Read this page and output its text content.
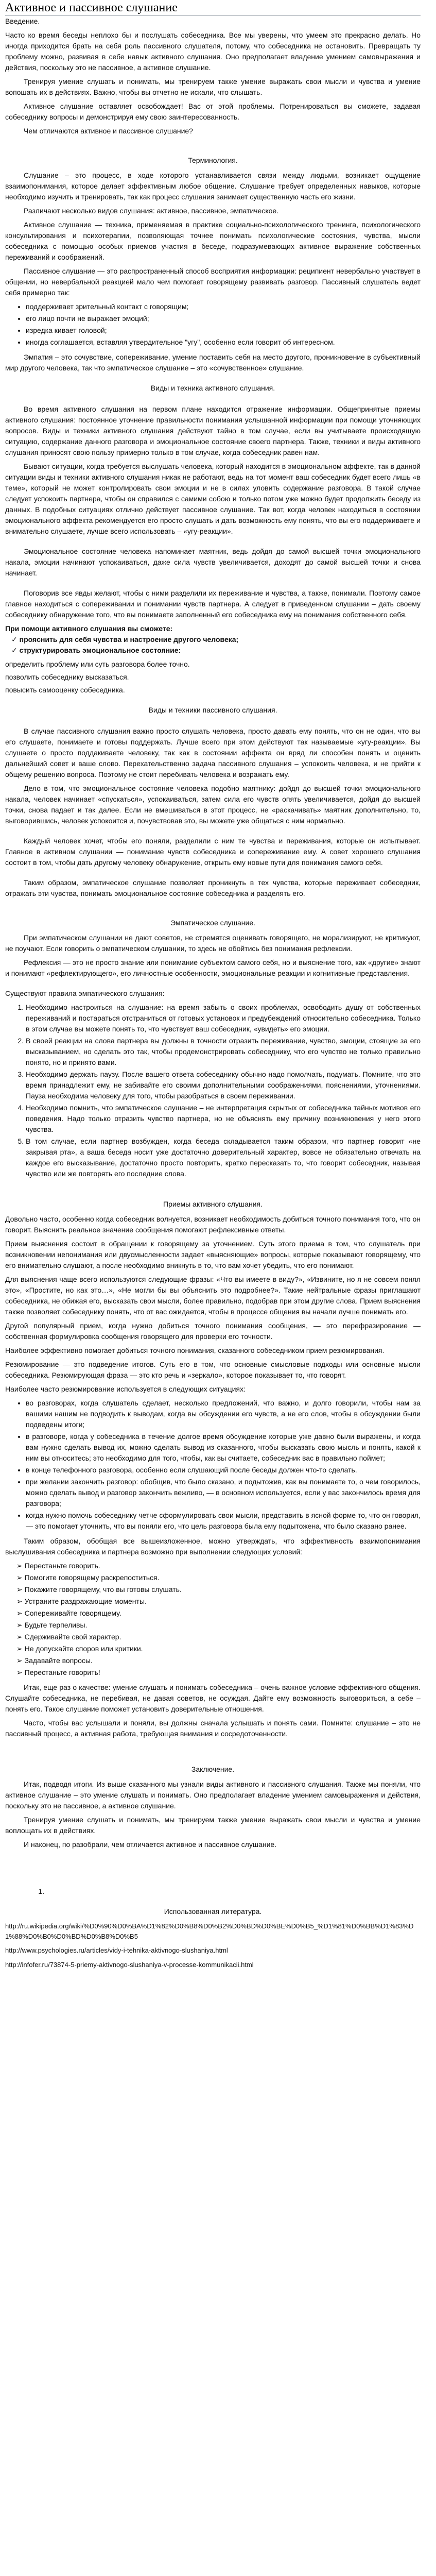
Активное и пассивное слушание

Введение.

Часто ко время беседы неплохо бы и послушать собеседника. Все мы уверены, что умеем это прекрасно делать. Но иногда приходится брать на себя роль пассивного слушателя, потому, что собеседника не остановить. Превращать ту проблему можно, развивая в себе навык активного слушания. Оно предполагает владение умением самовыражения и действия, поскольку это не пассивное, а активное слушание.

Тренируя умение слушать и понимать, мы тренируем также умение выражать свои мысли и чувства и умение вопошать их в действиях. Важно, чтобы вы отчетно не искали, что слышать.

Активное слушание оставляет освобождает! Вас от этой проблемы. Потренироваться вы сможете, задавая собеседнику вопросы и демонстрируя ему свою заинтересованность.

Чем отличаются активное и пассивное слушание?

Терминология.

Слушание – это процесс, в ходе которого устанавливается связи между людьми, возникает ощущение взаимопонимания, которое делает эффективным любое общение. Слушание требует определенных навыков, которые необходимо изучить и тренировать, так как процесс слушания занимает существенную часть его жизни.

Различают несколько видов слушания: активное, пассивное, эмпатическое.

Активное слушание — техника, применяемая в практике социально-психологического тренинга, психологического консультирования и психотерапии, позволяющая точнее понимать психологические состояния, чувства, мысли собеседника с помощью особых приемов участия в беседе, подразумевающих активное выражение собственных переживаний и соображений.

Пассивное слушание — это распространенный способ восприятия информации: реципиент невербально участвует в общении, но невербальной реакцией мало чем помогает говорящему развивать разговор. Пассивный слушатель ведет себя примерно так:

• поддерживает зрительный контакт с говорящим;
• его лицо почти не выражает эмоций;
• изредка кивает головой;
• иногда соглашается, вставляя утвердительное "угу", особенно если говорит об интересном.

Эмпатия – это сочувствие, сопереживание, умение поставить себя на место другого, проникновение в субъективный мир другого человека, так что эмпатическое слушание – это «сочувственное» слушание.

Виды и техника активного слушания.

Во время активного слушания на первом плане находится отражение информации. Общепринятые приемы активного слушания: постоянное уточнение правильности понимания услышанной информации при помощи уточняющих вопросов. Виды и техники активного слушания действуют тайно в том случае, если вы учитываете происходящую ситуацию, содержание данного разговора и эмоциональное состояние своего партнера. Также, техники и виды активного слушания приносят свою пользу примерно только в том случае, когда собеседник равен нам.

Бывают ситуации, когда требуется выслушать человека, который находится в эмоциональном аффекте, так в данной ситуации виды и техники активного слушания никак не работают, ведь на тот момент ваш собеседник будет всего лишь «в теме», который не может контролировать свои эмоции и не в силах уловить содержание разговора. В такой случае следует успокоить партнера, чтобы он справился с самими собою и только потом уже можно будет продолжить беседу из данных. В подобных ситуациях отлично действует пассивное слушание. Так вот, когда человек находиться в состоянии эмоционального аффекта рекомендуется его просто слушать и дать возможность ему понять, что вы его поддерживаете и внимательно слушаете, лучше всего использовать – «угу-реакции».

Эмоциональное состояние человека напоминает маятник, ведь дойдя до самой высшей точки эмоционального накала, эмоции начинают успокаиваться, даже сила чувств увеличивается, доходят до самой высшей точки и снова начинает.

Поговорив все явды желают, чтобы с ними разделили их переживание и чувства, а также, понимали. Поэтому самое главное находиться с сопереживании и понимании чувств партнера. А следует в приведенном слушании – дать своему собеседнику обнаружение того, что вы понимаете заполненный его собеседника ему на понимания собственного себя.

При помощи активного слушания вы сможете:
✓ прояснить для себя чувства и настроение другого человека;
✓ структурировать эмоциональное состояние:

определить проблему или суть разговора более точно.

позволить собеседнику высказаться.

повысить самооценку собеседника.

Виды и техники пассивного слушания.

В случае пассивного слушания важно просто слушать человека, просто давать ему понять, что он не один, что вы его слушаете, понимаете и готовы поддержать. Лучше всего при этом действуют так называемые «угу-реакции». Вы слушаете о просто поддакиваете человеку, так как в состоянии аффекта он вряд ли способен понять и оценить дальнейший совет и ваше слово. Перехательственно задача пассивного слушания – успокоить человека, и не прийти к общему решению вопроса. Поэтому не стоит перебивать человека и возражать ему.

Дело в том, что эмоциональное состояние человека подобно маятнику: дойдя до высшей точки эмоционального накала, человек начинает «спускаться», успокаиваться, затем сила его чувств опять увеличивается, дойдя до высшей точки, снова падает и так далее. Если не вмешиваться в этот процесс, не «раскачивать» маятник дополнительно, то, выговорившись, человек успокоится и, почувствовав это, вы можете уже общаться с ним нормально.

Каждый человек хочет, чтобы его поняли, разделили с ним те чувства и переживания, которые он испытывает. Главное в активном слушании — понимание чувств собеседника и сопереживание ему. А совет хорошего слушания состоит в том, чтобы дать другому человеку обнаружение, открыть ему новые пути для понимания самого себя.

Таким образом, эмпатическое слушание позволяет проникнуть в тех чувства, которые переживает собеседник, отражать эти чувства, понимать эмоциональное состояние собеседника и разделять его.

Эмпатическое слушание.

При эмпатическом слушании не дают советов, не стремятся оценивать говорящего, не морализируют, не критикуют, не поучают. Если говорить о эмпатическом слушании, то здесь не обойтись без понимания рефлексии.

Рефлексия — это не просто знание или понимание субъектом самого себя, но и выяснение того, как «другие» знают и понимают «рефлектирующего», его личностные особенности, эмоциональные реакции и когнитивные представления.

Существуют правила эмпатического слушания:

1. Необходимо настроиться на слушание: на время забыть о своих проблемах, освободить душу от собственных переживаний и постараться отстраниться от готовых установок и предубеждений относительно собеседника. Только в этом случае вы можете понять то, что чувствует ваш собеседник, «увидеть» его эмоции.
2. В своей реакции на слова партнера вы должны в точности отразить переживание, чувство, эмоции, стоящие за его высказыванием, но сделать это так, чтобы продемонстрировать собеседнику, что его чувство не только правильно понято, но и принято вами.
3. Необходимо держать паузу. После вашего ответа собеседнику обычно надо помолчать, подумать. Помните, что это время принадлежит ему, не забивайте его своими дополнительными соображениями, пояснениями, уточнениями. Пауза необходима человеку для того, чтобы разобраться в своем переживании.
4. Необходимо помнить, что эмпатическое слушание – не интерпретация скрытых от собеседника тайных мотивов его поведения. Надо только отразить чувство партнера, но не объяснять ему причину возникновения у него этого чувства.
5. В том случае, если партнер возбужден, когда беседа складывается таким образом, что партнер говорит «не закрывая рта», а ваша беседа носит уже достаточно доверительный характер, вовсе не обязательно отвечать на каждое его высказывание, достаточно просто повторить, кратко пересказать то, что говорит собеседник, называя чувство или же повторять его последние слова.
Приемы активного слушания.

Довольно часто, особенно когда собеседник волнуется, возникает необходимость добиться точного понимания того, что он говорит. Выяснить реальное значение сообщения помогают рефлексивные ответы.

Прием выяснения состоит в обращении к говорящему за уточнением. Суть этого приема в том, что слушатель при возникновении непонимания или двусмысленности задает «выясняющие» вопросы, которые показывают говорящему, что его внимательно слушают, а после необходимо вникнуть в то, что вам хочет убедить, что его понимают.

Для выяснения чаще всего используются следующие фразы: «Что вы имеете в виду?», «Извините, но я не совсем понял это», «Простите, но как это…», «Не могли бы вы объяснить это подробнее?». Такие нейтральные фразы приглашают собеседника, не обижая его, высказать свои мысли, более правильно, подобрав при этом другие слова. Прием выяснения также позволяет собеседнику понять, что от вас ожидается, чтобы в процессе общения вы начали лучше понимать его.

Другой популярный прием, когда нужно добиться точного понимания сообщения, — это перефразирование — собственная формулировка сообщения говорящего для проверки его точности.

Наиболее эффективно помогает добиться точного понимания, сказанного собеседником прием резюмирования.

Резюмирование — это подведение итогов. Суть его в том, что основные смысловые подходы или основные мысли собеседника. Резюмирующая фраза — это кто речь и «зеркало», которое показывает то, что говорят.

Наиболее часто резюмирование используется в следующих ситуациях:

• во разговорах, когда слушатель сделает, несколько предложений, что важно, и долго говорили, чтобы нам за вашими нашим не подводить к выводам, когда вы обсуждении его чувств, а не его слов, чтобы в обсуждении были подведены итоги;
• в разговоре, когда у собеседника в течение долгое время обсуждение которые уже давно были выражены, и когда вам нужно сделать вывод их, можно сделать вывод из сказанного, чтобы высказать свою мысль и понять, какой к ним вы относитесь; это необходимо для того, чтобы, как вы считаете, собеседник вас в правильно поймет;
• в конце телефонного разговора, особенно если слушающий после беседы должен что-то сделать.
• при желании закончить разговор: обобщив, что было сказано, и подытожив, как вы понимаете то, о чем говорилось, можно сделать вывод и разговор закончить вежливо, — в основном используется, если у вас закончилось время для разговора;
• когда нужно помочь собеседнику четче сформулировать свои мысли, представить в ясной форме то, что он говорил, — это помогает уточнить, что вы поняли его, что цель разговора была ему подытожена, что было сказано ранее.

Таким образом, обобщая все вышеизложенное, можно утверждать, что эффективность взаимопонимания выслушивания собеседника и партнера возможно при выполнении следующих условий:

➢ Перестаньте говорить.
➢ Помогите говорящему раскрепоститься.
➢ Покажите говорящему, что вы готовы слушать.
➢ Устраните раздражающие моменты.
➢ Сопереживайте говорящему.
➢ Будьте терпеливы.
➢ Сдерживайте свой характер.
➢ Не допускайте споров или критики.
➢ Задавайте вопросы.
➢ Перестаньте говорить!

Итак, еще раз о качестве: умение слушать и понимать собеседника – очень важное условие эффективного общения. Слушайте собеседника, не перебивая, не давая советов, не осуждая. Дайте ему возможность выговориться, а себе – понять его. Такое слушание поможет установить доверительные отношения.

Часто, чтобы вас услышали и поняли, вы должны сначала услышать и понять сами. Помните: слушание – это не пассивный процесс, а активная работа, требующая внимания и сосредоточенности.

Заключение.

Итак, подводя итоги. Из выше сказанного мы узнали виды активного и пассивного слушания. Также мы поняли, что активное слушание – это умение слушать и понимать. Оно предполагает владение умением самовыражения и действия, поскольку это не пассивное, а активное слушание.

Тренируя умение слушать и понимать, мы тренируем также умение выражать свои мысли и чувства и умение воплощать их в действиях.

И наконец, по разобрали, чем отличается активное и пассивное слушание.

1.
Использованная литература.

http://ru.wikipedia.org/wiki/%D0%90%D0%BA%D1%82%D0%B8%D0%B2%D0%BD%D0%BE%D0%B5_%D1%81%D0%BB%D1%83%D1%88%D0%B0%D0%BD%D0%B8%D0%B5

http://www.psychologies.ru/articles/vidy-i-tehnika-aktivnogo-slushaniya.html

http://infofer.ru/73874-5-priemy-aktivnogo-slushaniya-v-processe-kommunikacii.html
